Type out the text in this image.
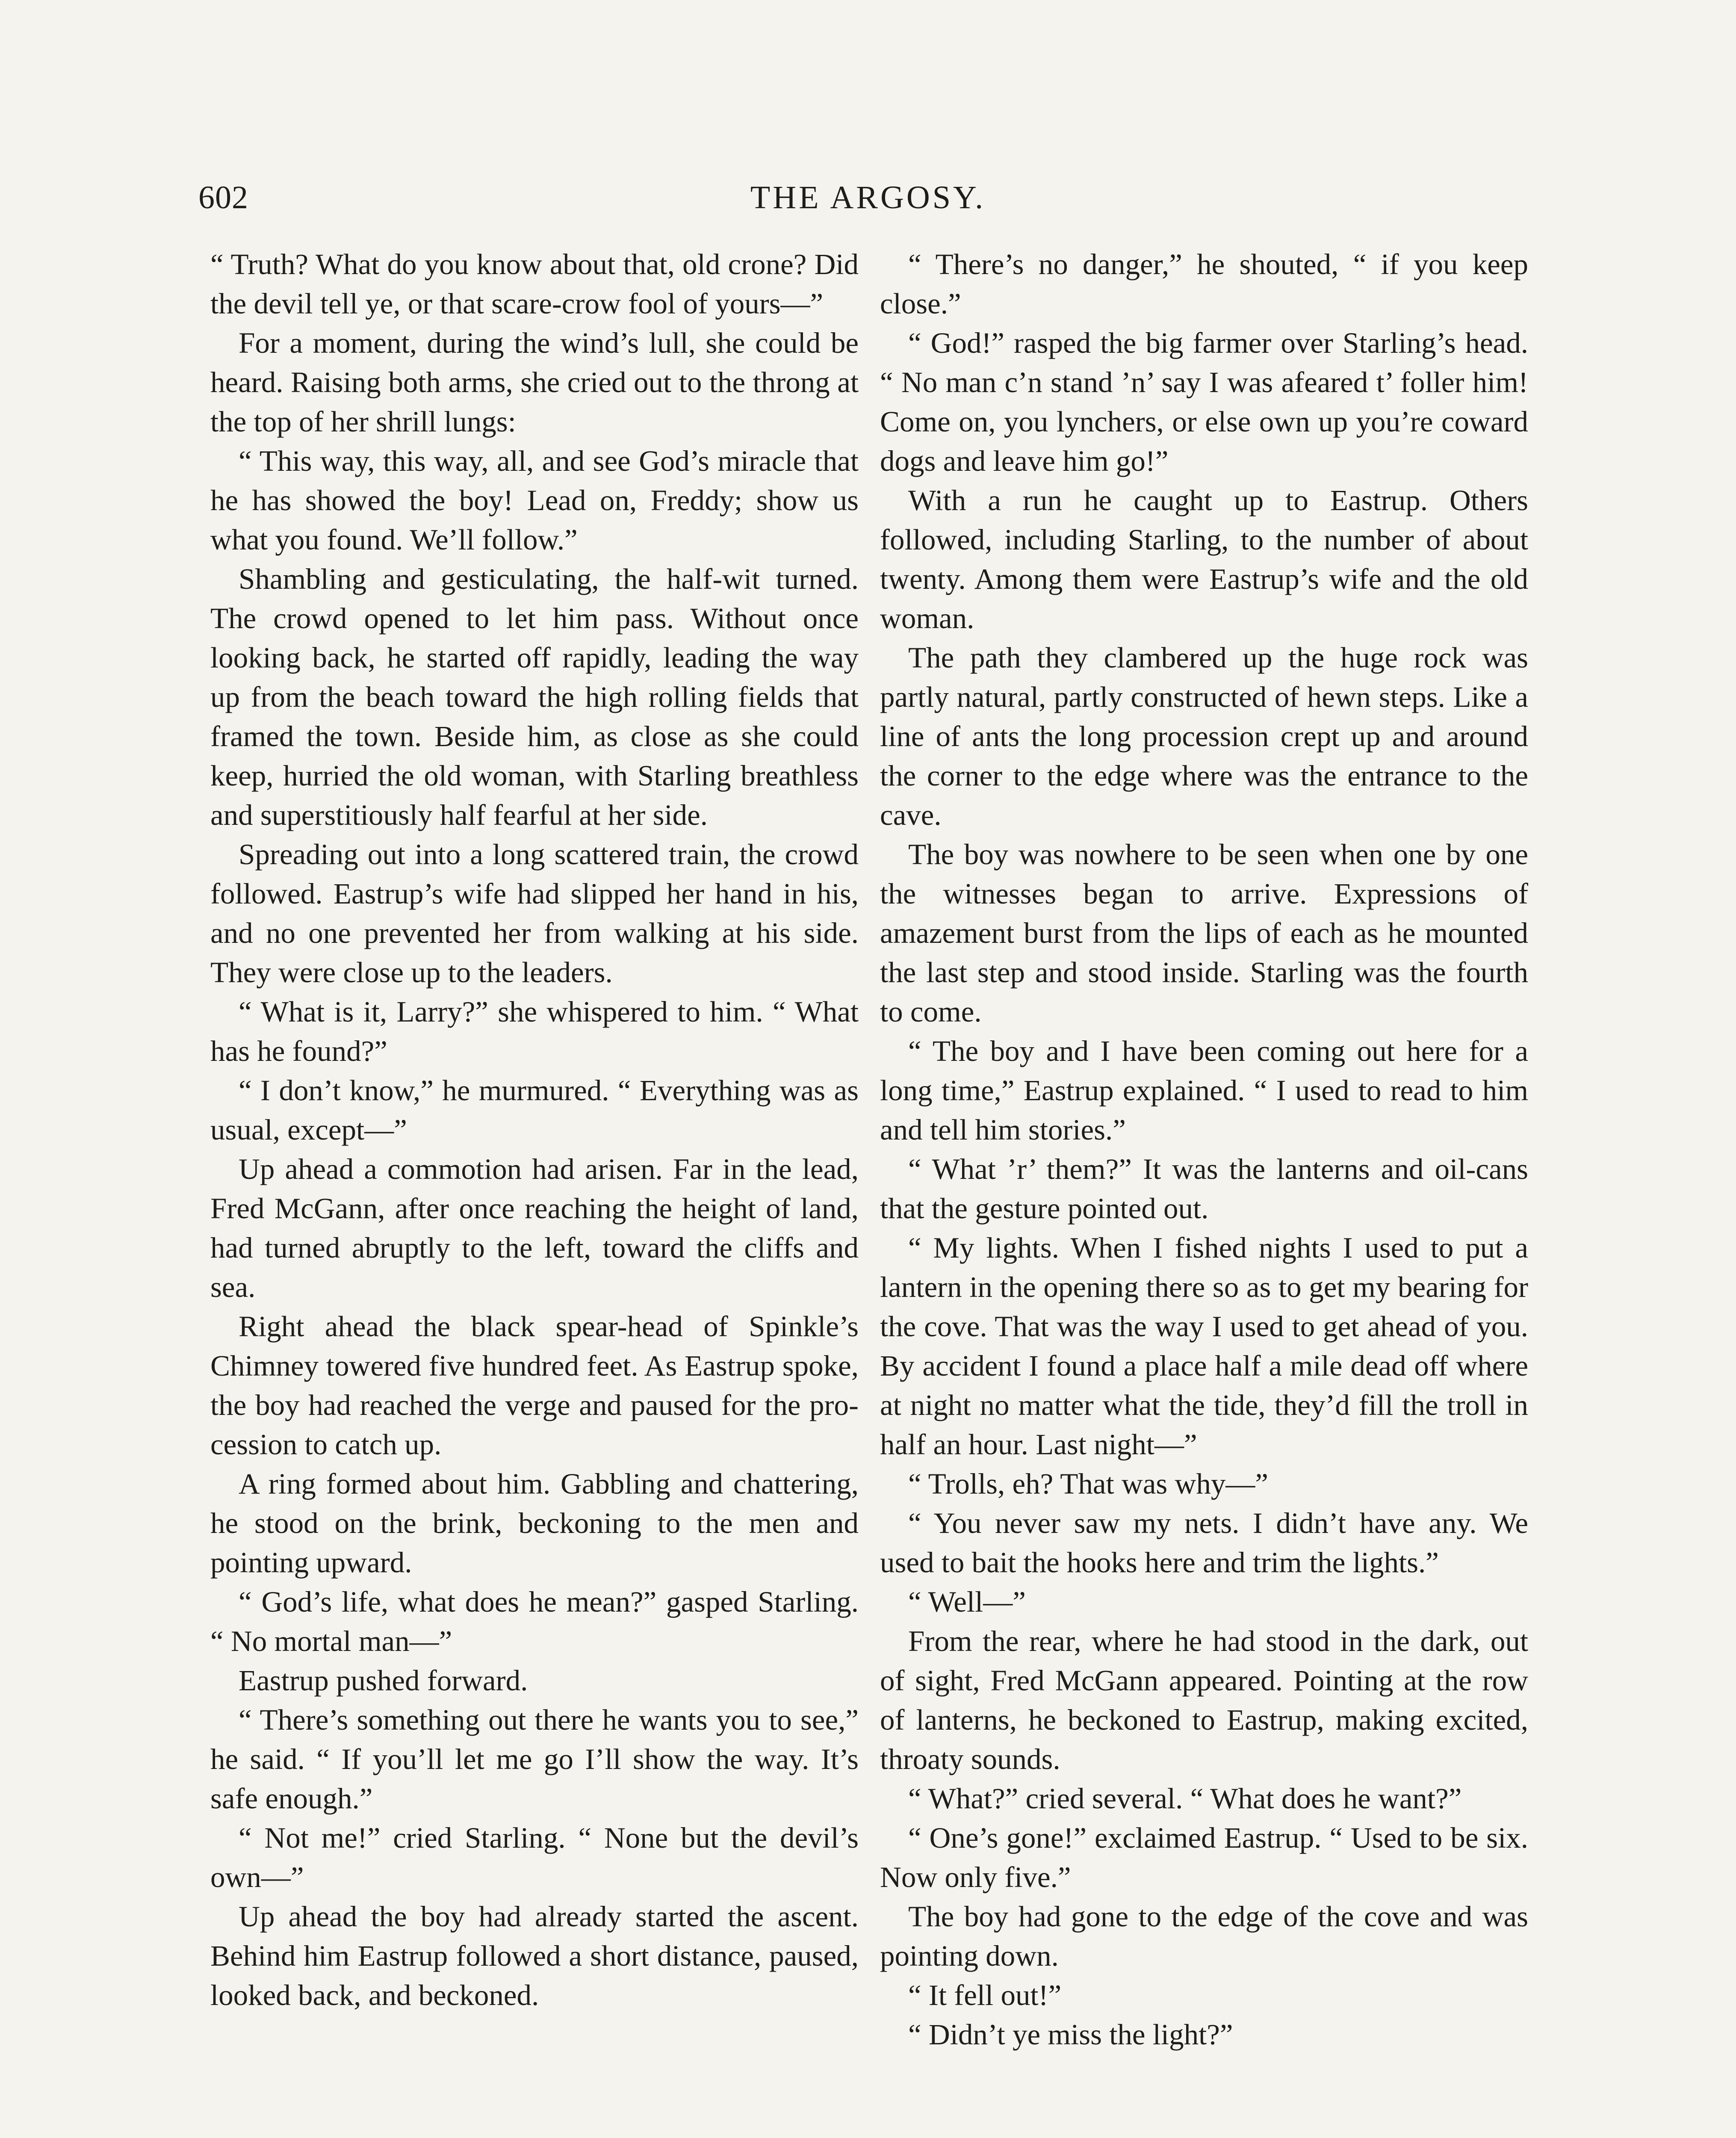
602	THE ARGOSY.

“ Truth? What do you know about that, old crone? Did the devil tell ye, or that scare-crow fool of yours—”

For a moment, during the wind’s lull, she could be heard. Raising both arms, she cried out to the throng at the top of her shrill lungs:

“ This way, this way, all, and see God’s miracle that he has showed the boy! Lead on, Freddy; show us what you found. We’ll follow.”

Shambling and gesticulating, the half-wit turned. The crowd opened to let him pass. Without once looking back, he started off rapidly, leading the way up from the beach toward the high rolling fields that framed the town. Beside him, as close as she could keep, hurried the old woman, with Starling breathless and superstitiously half fearful at her side.

Spreading out into a long scattered train, the crowd followed. Eastrup’s wife had slipped her hand in his, and no one prevented her from walking at his side. They were close up to the leaders.

“ What is it, Larry?” she whispered to him. “ What has he found?”

“ I don’t know,” he murmured. “ Everything was as usual, except—”

Up ahead a commotion had arisen. Far in the lead, Fred McGann, after once reaching the height of land, had turned abruptly to the left, toward the cliffs and sea.

Right ahead the black spear-head of Spinkle’s Chimney towered five hundred feet. As Eastrup spoke, the boy had reached the verge and paused for the procession to catch up.

A ring formed about him. Gabbling and chattering, he stood on the brink, beckoning to the men and pointing upward.

“ God’s life, what does he mean?” gasped Starling. “ No mortal man—”

Eastrup pushed forward.

“ There’s something out there he wants you to see,” he said. “ If you’ll let me go I’ll show the way. It’s safe enough.”

“ Not me!” cried Starling. “ None but the devil’s own—”

Up ahead the boy had already started the ascent. Behind him Eastrup followed a short distance, paused, looked back, and beckoned.

“ There’s no danger,” he shouted, “ if you keep close.”

“ God!” rasped the big farmer over Starling’s head. “ No man c’n stand ’n’ say I was afeared t’ foller him! Come on, you lynchers, or else own up you’re coward dogs and leave him go!”

With a run he caught up to Eastrup. Others followed, including Starling, to the number of about twenty. Among them were Eastrup’s wife and the old woman.

The path they clambered up the huge rock was partly natural, partly constructed of hewn steps. Like a line of ants the long procession crept up and around the corner to the edge where was the entrance to the cave.

The boy was nowhere to be seen when one by one the witnesses began to arrive. Expressions of amazement burst from the lips of each as he mounted the last step and stood inside. Starling was the fourth to come.

“ The boy and I have been coming out here for a long time,” Eastrup explained. “ I used to read to him and tell him stories.”

“ What ’r’ them?” It was the lanterns and oil-cans that the gesture pointed out.

“ My lights. When I fished nights I used to put a lantern in the opening there so as to get my bearing for the cove. That was the way I used to get ahead of you. By accident I found a place half a mile dead off where at night no matter what the tide, they’d fill the troll in half an hour. Last night—”

“ Trolls, eh? That was why—”

“ You never saw my nets. I didn’t have any. We used to bait the hooks here and trim the lights.”

“ Well—”

From the rear, where he had stood in the dark, out of sight, Fred McGann appeared. Pointing at the row of lanterns, he beckoned to Eastrup, making excited, throaty sounds.

“ What?” cried several. “ What does he want?”

“ One’s gone!” exclaimed Eastrup. “ Used to be six. Now only five.”

The boy had gone to the edge of the cove and was pointing down.

“ It fell out!”

“ Didn’t ye miss the light?”
